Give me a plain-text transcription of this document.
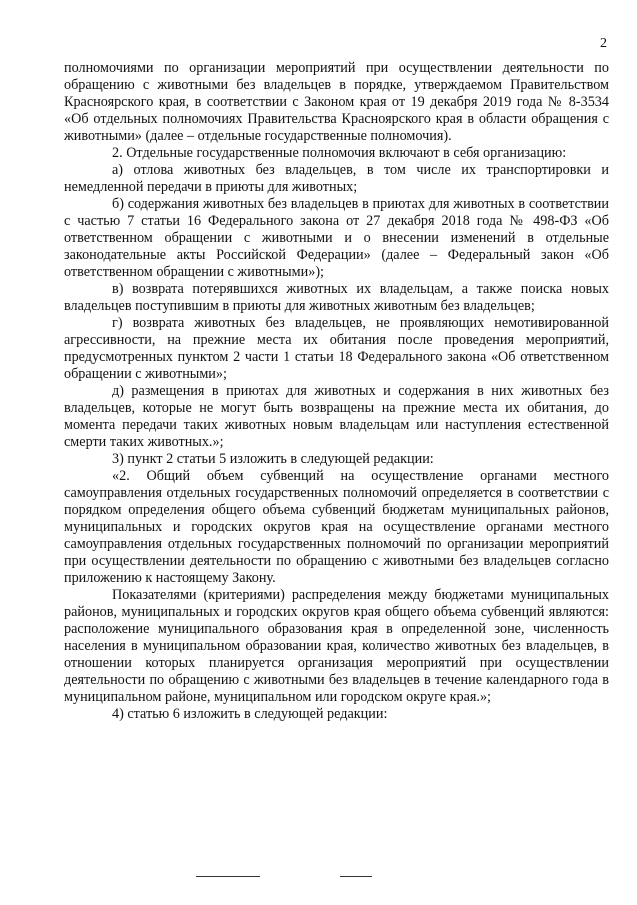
2

полномочиями по организации мероприятий при осуществлении деятельности по обращению с животными без владельцев в порядке, утверждаемом Правительством Красноярского края, в соответствии с Законом края от 19 декабря 2019 года № 8-3534 «Об отдельных полномочиях Правительства Красноярского края в области обращения с животными» (далее – отдельные государственные полномочия).

2. Отдельные государственные полномочия включают в себя организацию:

а) отлова животных без владельцев, в том числе их транспортировки и немедленной передачи в приюты для животных;

б) содержания животных без владельцев в приютах для животных в соответствии с частью 7 статьи 16 Федерального закона от 27 декабря 2018 года № 498-ФЗ «Об ответственном обращении с животными и о внесении изменений в отдельные законодательные акты Российской Федерации» (далее – Федеральный закон «Об ответственном обращении с животными»);

в) возврата потерявшихся животных их владельцам, а также поиска новых владельцев поступившим в приюты для животных животным без владельцев;

г) возврата животных без владельцев, не проявляющих немотивированной агрессивности, на прежние места их обитания после проведения мероприятий, предусмотренных пунктом 2 части 1 статьи 18 Федерального закона «Об ответственном обращении с животными»;

д) размещения в приютах для животных и содержания в них животных без владельцев, которые не могут быть возвращены на прежние места их обитания, до момента передачи таких животных новым владельцам или наступления естественной смерти таких животных.»;

3) пункт 2 статьи 5 изложить в следующей редакции:

«2. Общий объем субвенций на осуществление органами местного самоуправления отдельных государственных полномочий определяется в соответствии с порядком определения общего объема субвенций бюджетам муниципальных районов, муниципальных и городских округов края на осуществление органами местного самоуправления отдельных государственных полномочий по организации мероприятий при осуществлении деятельности по обращению с животными без владельцев согласно приложению к настоящему Закону.

Показателями (критериями) распределения между бюджетами муниципальных районов, муниципальных и городских округов края общего объема субвенций являются: расположение муниципального образования края в определенной зоне, численность населения в муниципальном образовании края, количество животных без владельцев, в отношении которых планируется организация мероприятий при осуществлении деятельности по обращению с животными без владельцев в течение календарного года в муниципальном районе, муниципальном или городском округе края.»;

4) статью 6 изложить в следующей редакции:
